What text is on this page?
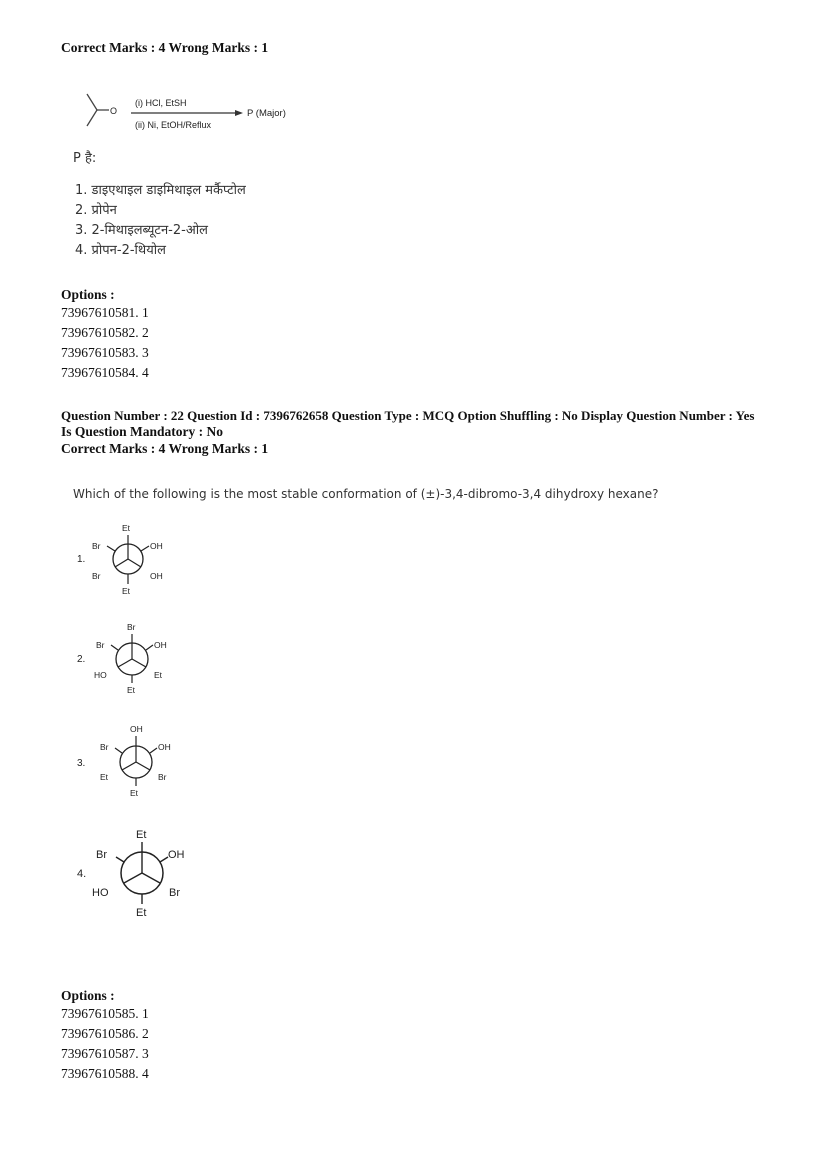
Correct Marks : 4 Wrong Marks : 1
O
(i) HCl, EtSH
(ii) Ni, EtOH/Reflux
P (Major)
P है:
1. डाइएथाइल डाइमिथाइल मर्कैप्टोल
2. प्रोपेन
3. 2-मिथाइलब्यूटन-2-ओल
4. प्रोपन-2-थियोल
Options :
73967610581. 1
73967610582. 2
73967610583. 3
73967610584. 4
Question Number : 22 Question Id : 7396762658 Question Type : MCQ Option Shuffling : No Display Question Number : Yes
Is Question Mandatory : No
Correct Marks : 4 Wrong Marks : 1
Which of the following is the most stable conformation of (±)-3,4-dibromo-3,4 dihydroxy hexane?
1.
Et
Et
Br	OH
Br	OH
2.
Br
Et
Br	OH
HO	Et
3.
OH
Et
Br	OH
Et	Br
4.
Et
Et
Br	OH
HO	Br
Options :
73967610585. 1
73967610586. 2
73967610587. 3
73967610588. 4
